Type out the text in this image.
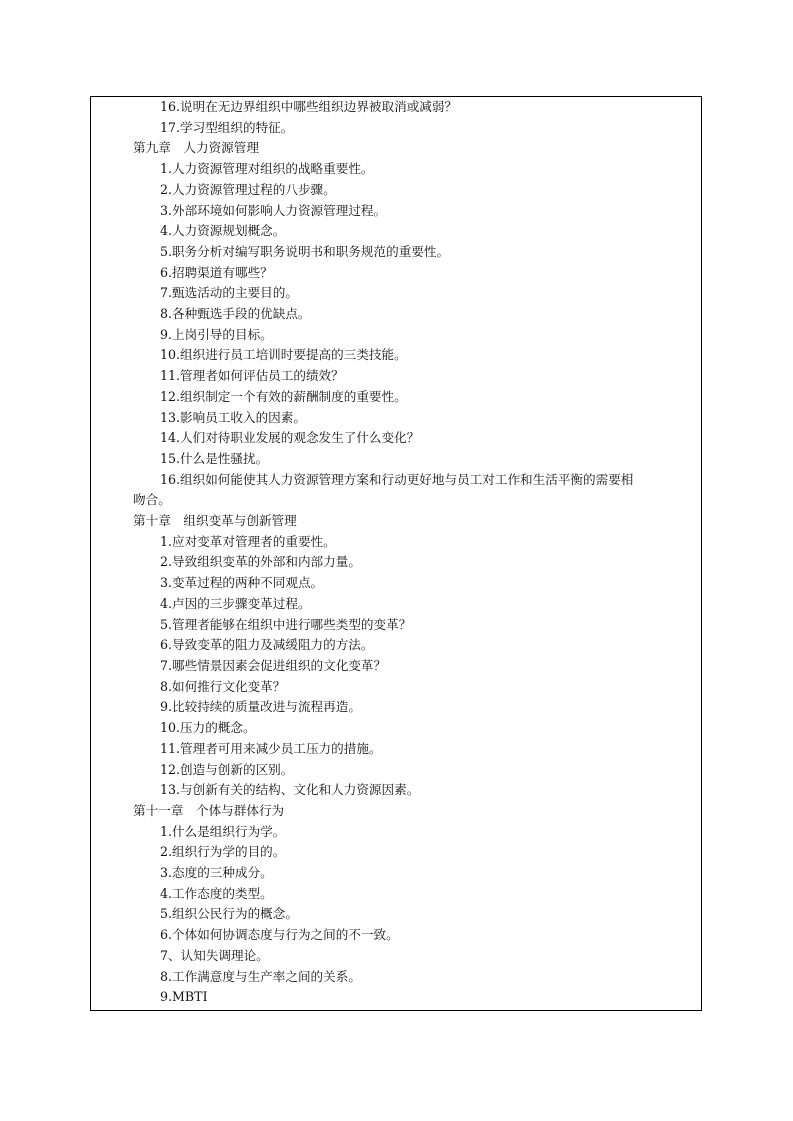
16.说明在无边界组织中哪些组织边界被取消或减弱？
17.学习型组织的特征。
第九章　人力资源管理
1.人力资源管理对组织的战略重要性。
2.人力资源管理过程的八步骤。
3.外部环境如何影响人力资源管理过程。
4.人力资源规划概念。
5.职务分析对编写职务说明书和职务规范的重要性。
6.招聘渠道有哪些？
7.甄选活动的主要目的。
8.各种甄选手段的优缺点。
9.上岗引导的目标。
10.组织进行员工培训时要提高的三类技能。
11.管理者如何评估员工的绩效？
12.组织制定一个有效的薪酬制度的重要性。
13.影响员工收入的因素。
14.人们对待职业发展的观念发生了什么变化？
15.什么是性骚扰。
16.组织如何能使其人力资源管理方案和行动更好地与员工对工作和生活平衡的需要相
吻合。
第十章　组织变革与创新管理
1.应对变革对管理者的重要性。
2.导致组织变革的外部和内部力量。
3.变革过程的两种不同观点。
4.卢因的三步骤变革过程。
5.管理者能够在组织中进行哪些类型的变革？
6.导致变革的阻力及减缓阻力的方法。
7.哪些情景因素会促进组织的文化变革？
8.如何推行文化变革？
9.比较持续的质量改进与流程再造。
10.压力的概念。
11.管理者可用来减少员工压力的措施。
12.创造与创新的区别。
13.与创新有关的结构、文化和人力资源因素。
第十一章　个体与群体行为
1.什么是组织行为学。
2.组织行为学的目的。
3.态度的三种成分。
4.工作态度的类型。
5.组织公民行为的概念。
6.个体如何协调态度与行为之间的不一致。
7、认知失调理论。
8.工作满意度与生产率之间的关系。
9.MBTI
